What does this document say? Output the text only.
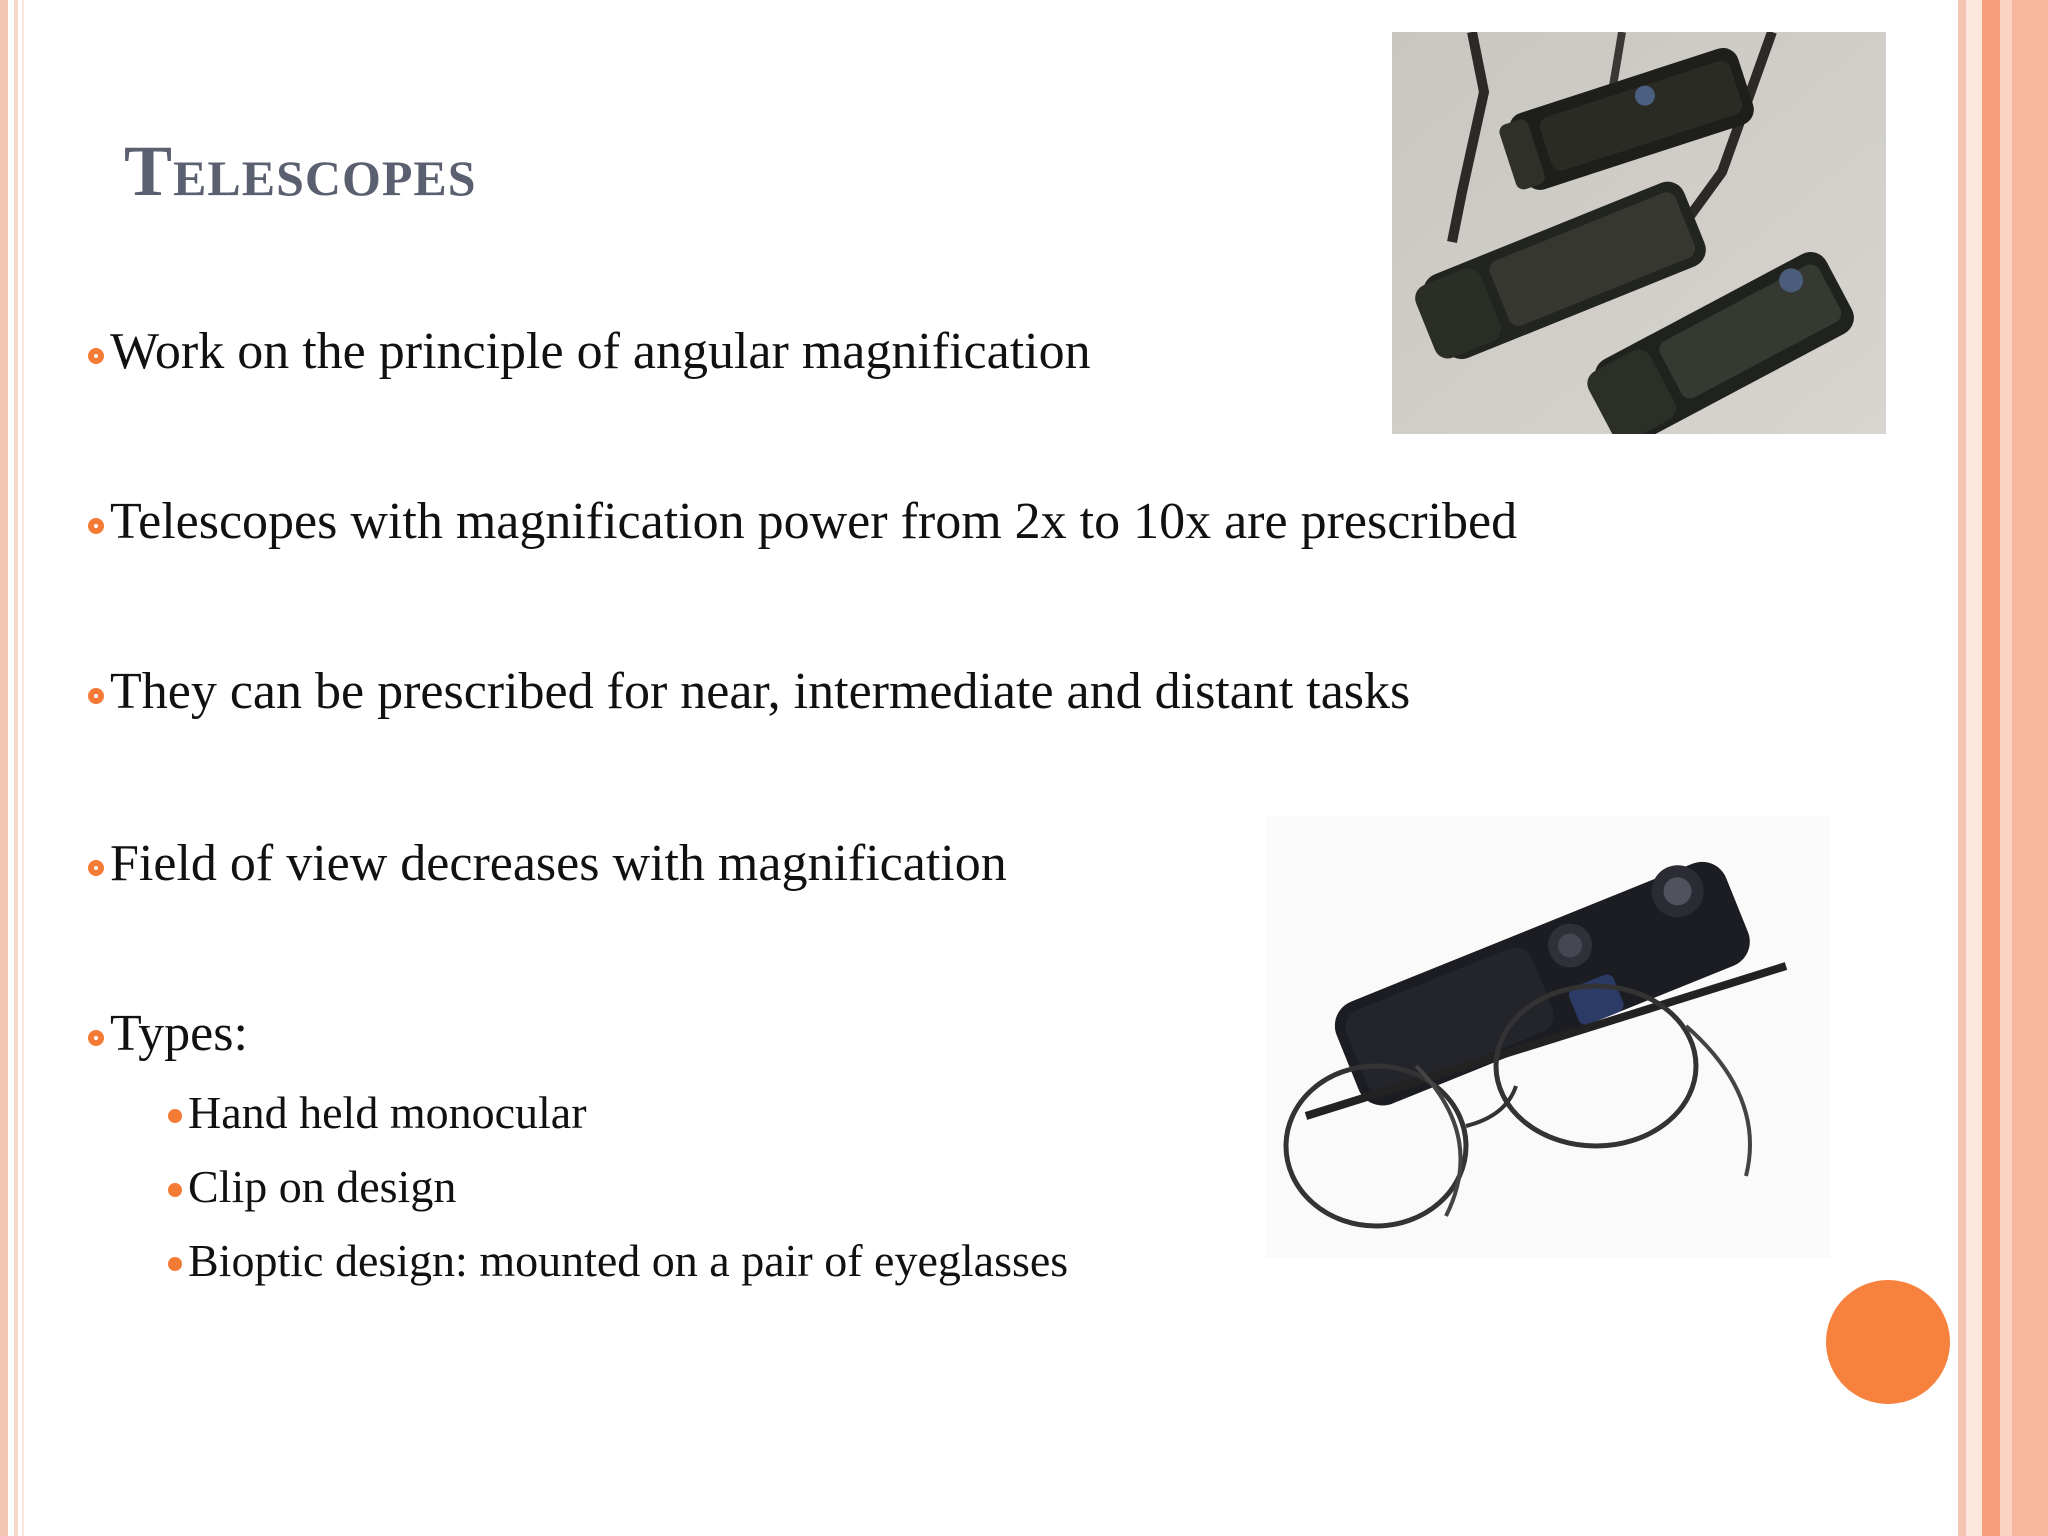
Telescopes
Work on the principle of angular magnification
Telescopes with magnification power from 2x to 10x are prescribed
They can be prescribed for near, intermediate and distant tasks
Field of view decreases with magnification
Types:
Hand held monocular
Clip on design
Bioptic design: mounted on a pair of eyeglasses
